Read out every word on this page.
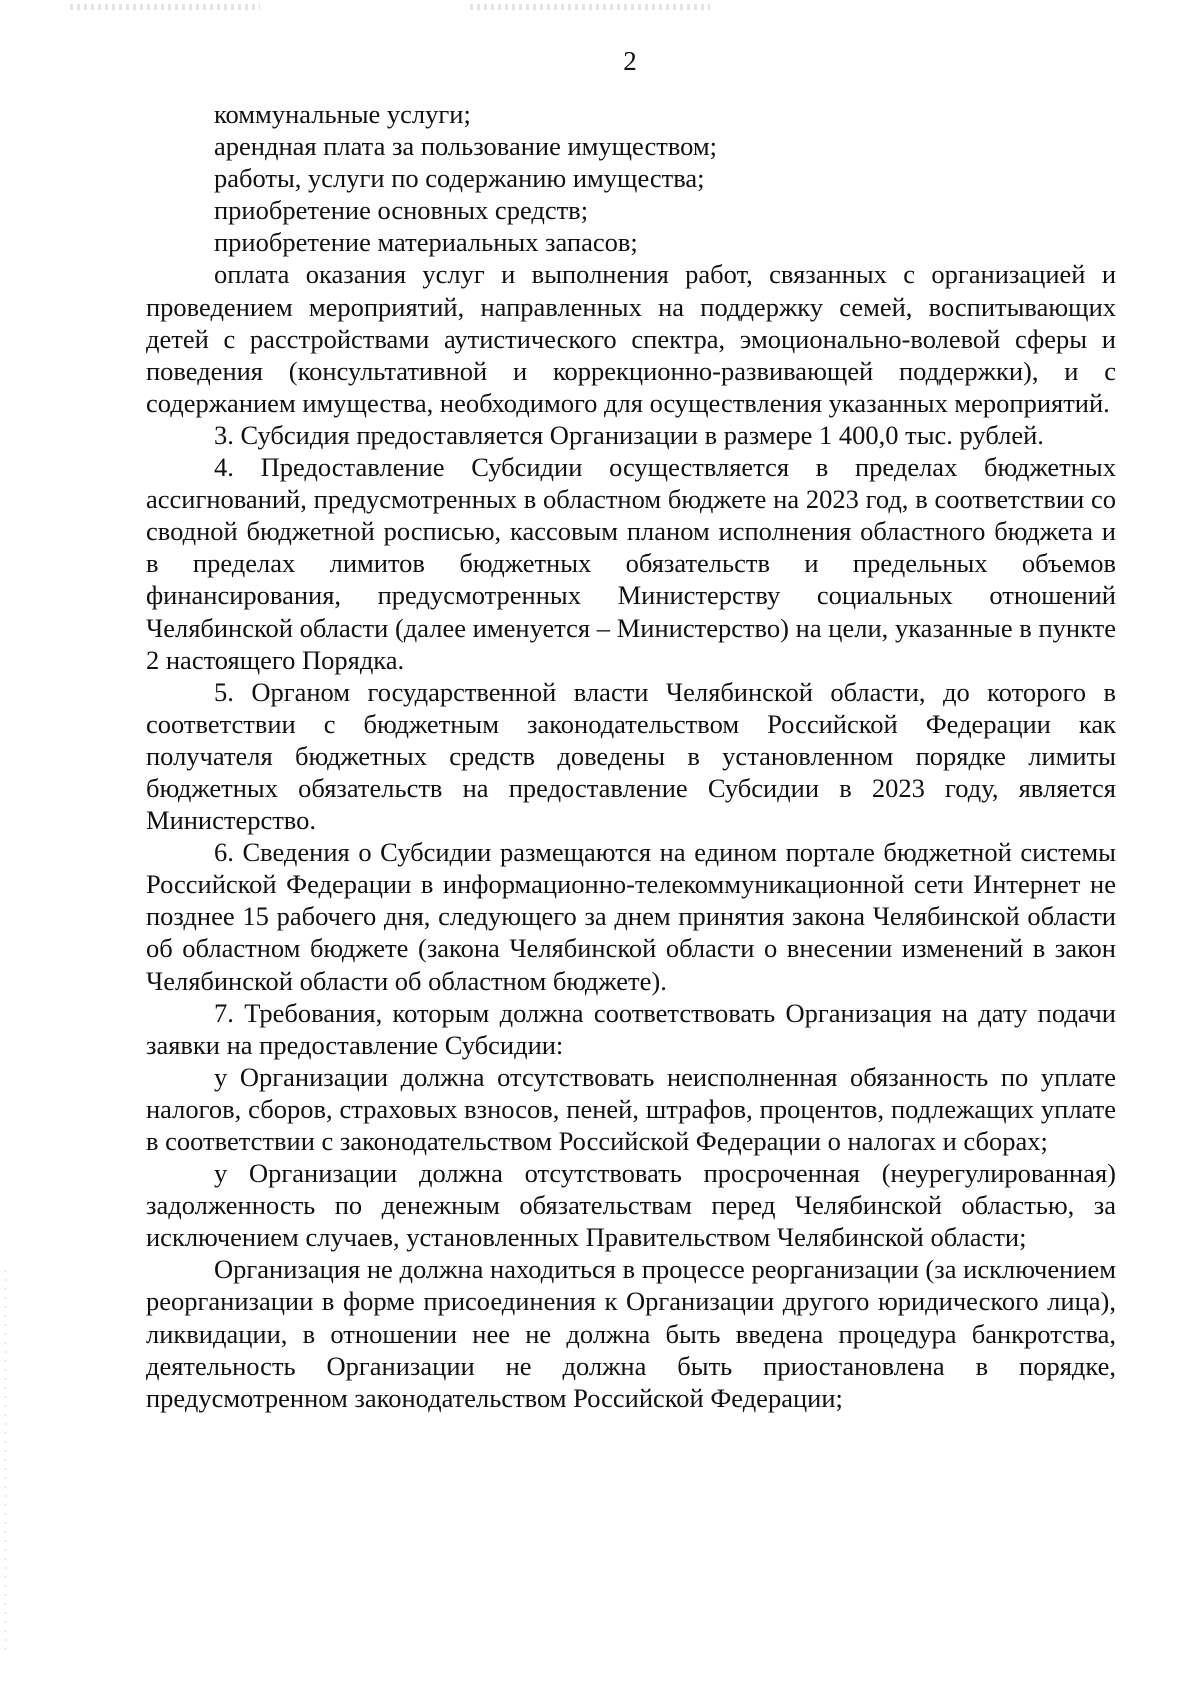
2

коммунальные услуги;

арендная плата за пользование имуществом;

работы, услуги по содержанию имущества;

приобретение основных средств;

приобретение материальных запасов;

оплата оказания услуг и выполнения работ, связанных с организацией и проведением мероприятий, направленных на поддержку семей, воспитывающих детей с расстройствами аутистического спектра, эмоционально-волевой сферы и поведения (консультативной и коррекционно-развивающей поддержки), и с содержанием имущества, необходимого для осуществления указанных мероприятий.

3. Субсидия предоставляется Организации в размере 1 400,0 тыс. рублей.

4. Предоставление Субсидии осуществляется в пределах бюджетных ассигнований, предусмотренных в областном бюджете на 2023 год, в соответствии со сводной бюджетной росписью, кассовым планом исполнения областного бюджета и в пределах лимитов бюджетных обязательств и предельных объемов финансирования, предусмотренных Министерству социальных отношений Челябинской области (далее именуется – Министерство) на цели, указанные в пункте 2 настоящего Порядка.

5. Органом государственной власти Челябинской области, до которого в соответствии с бюджетным законодательством Российской Федерации как получателя бюджетных средств доведены в установленном порядке лимиты бюджетных обязательств на предоставление Субсидии в 2023 году, является Министерство.

6. Сведения о Субсидии размещаются на едином портале бюджетной системы Российской Федерации в информационно-телекоммуникационной сети Интернет не позднее 15 рабочего дня, следующего за днем принятия закона Челябинской области об областном бюджете (закона Челябинской области о внесении изменений в закон Челябинской области об областном бюджете).

7. Требования, которым должна соответствовать Организация на дату подачи заявки на предоставление Субсидии:

у Организации должна отсутствовать неисполненная обязанность по уплате налогов, сборов, страховых взносов, пеней, штрафов, процентов, подлежащих уплате в соответствии с законодательством Российской Федерации о налогах и сборах;

у Организации должна отсутствовать просроченная (неурегулированная) задолженность по денежным обязательствам перед Челябинской областью, за исключением случаев, установленных Правительством Челябинской области;

Организация не должна находиться в процессе реорганизации (за исключением реорганизации в форме присоединения к Организации другого юридического лица), ликвидации, в отношении нее не должна быть введена процедура банкротства, деятельность Организации не должна быть приостановлена в порядке, предусмотренном законодательством Российской Федерации;
